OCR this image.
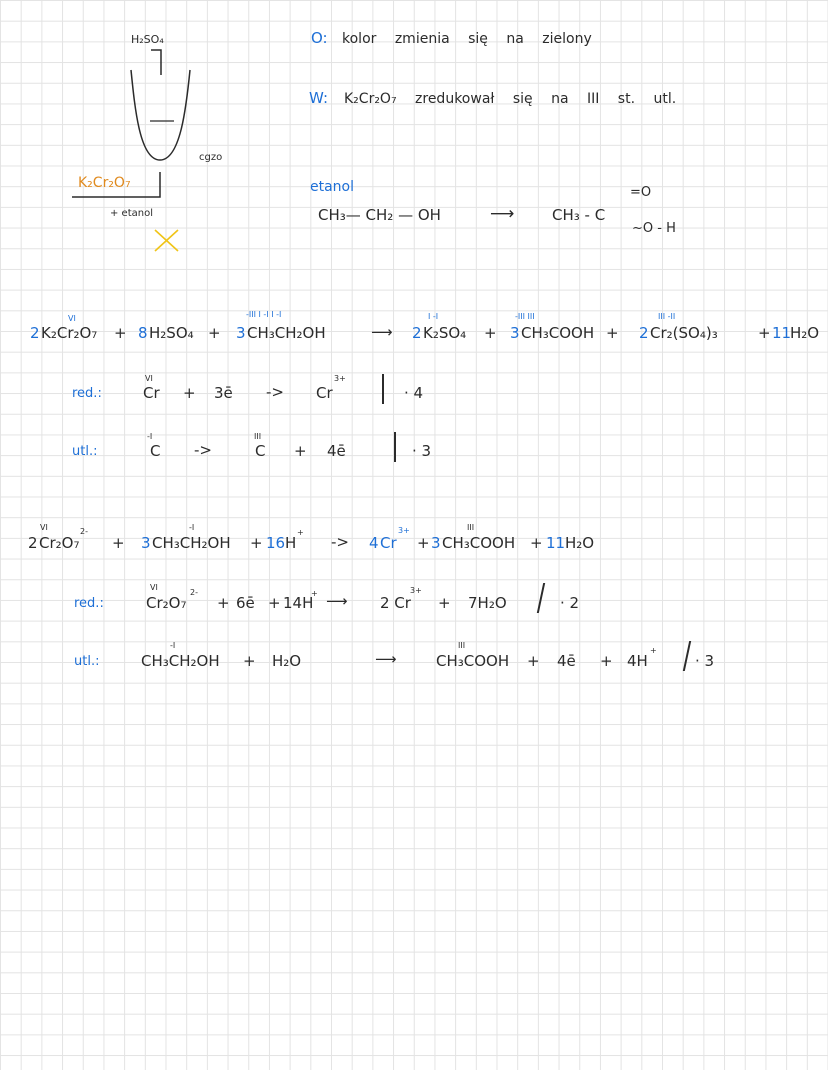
H₂SO₄
K₂Cr₂O₇
+ etanol
cgzo
O: kolor zmienia się na zielony
W: K₂Cr₂O₇ zredukował się na III st. utl.
etanol
CH₃— CH₂ — OH	⟶	CH₃ - C
=O
~O - H
2 K₂Cr₂O₇
VI
+ 8 H₂SO₄ + 3 CH₃CH₂OH
-III I -I I -I
⟶ 2 K₂SO₄
I -I
+ 3 CH₃COOH
-III III
+ 2 Cr₂(SO₄)₃
III -II
+ 11
H₂O
red.:
VI
Cr + 3ē -> Cr
3+
· 4
utl.:
-I
C ->
III
C + 4ē	· 3
2
VI
Cr₂O₇
2-
+ 3 CH₃CH₂OH
-I
+ 16 H
+
-> 4 Cr
3+
+ 3 CH₃COOH
III
+ 11 H₂O
red.:
VI
Cr₂O₇
2-
+ 6ē + 14H
+ ⟶ 2 Cr
3+
+ 7H₂O	· 2
utl.:
-I
CH₃CH₂OH + H₂O	⟶	CH₃COOH
III
+ 4ē + 4H
+
· 3
